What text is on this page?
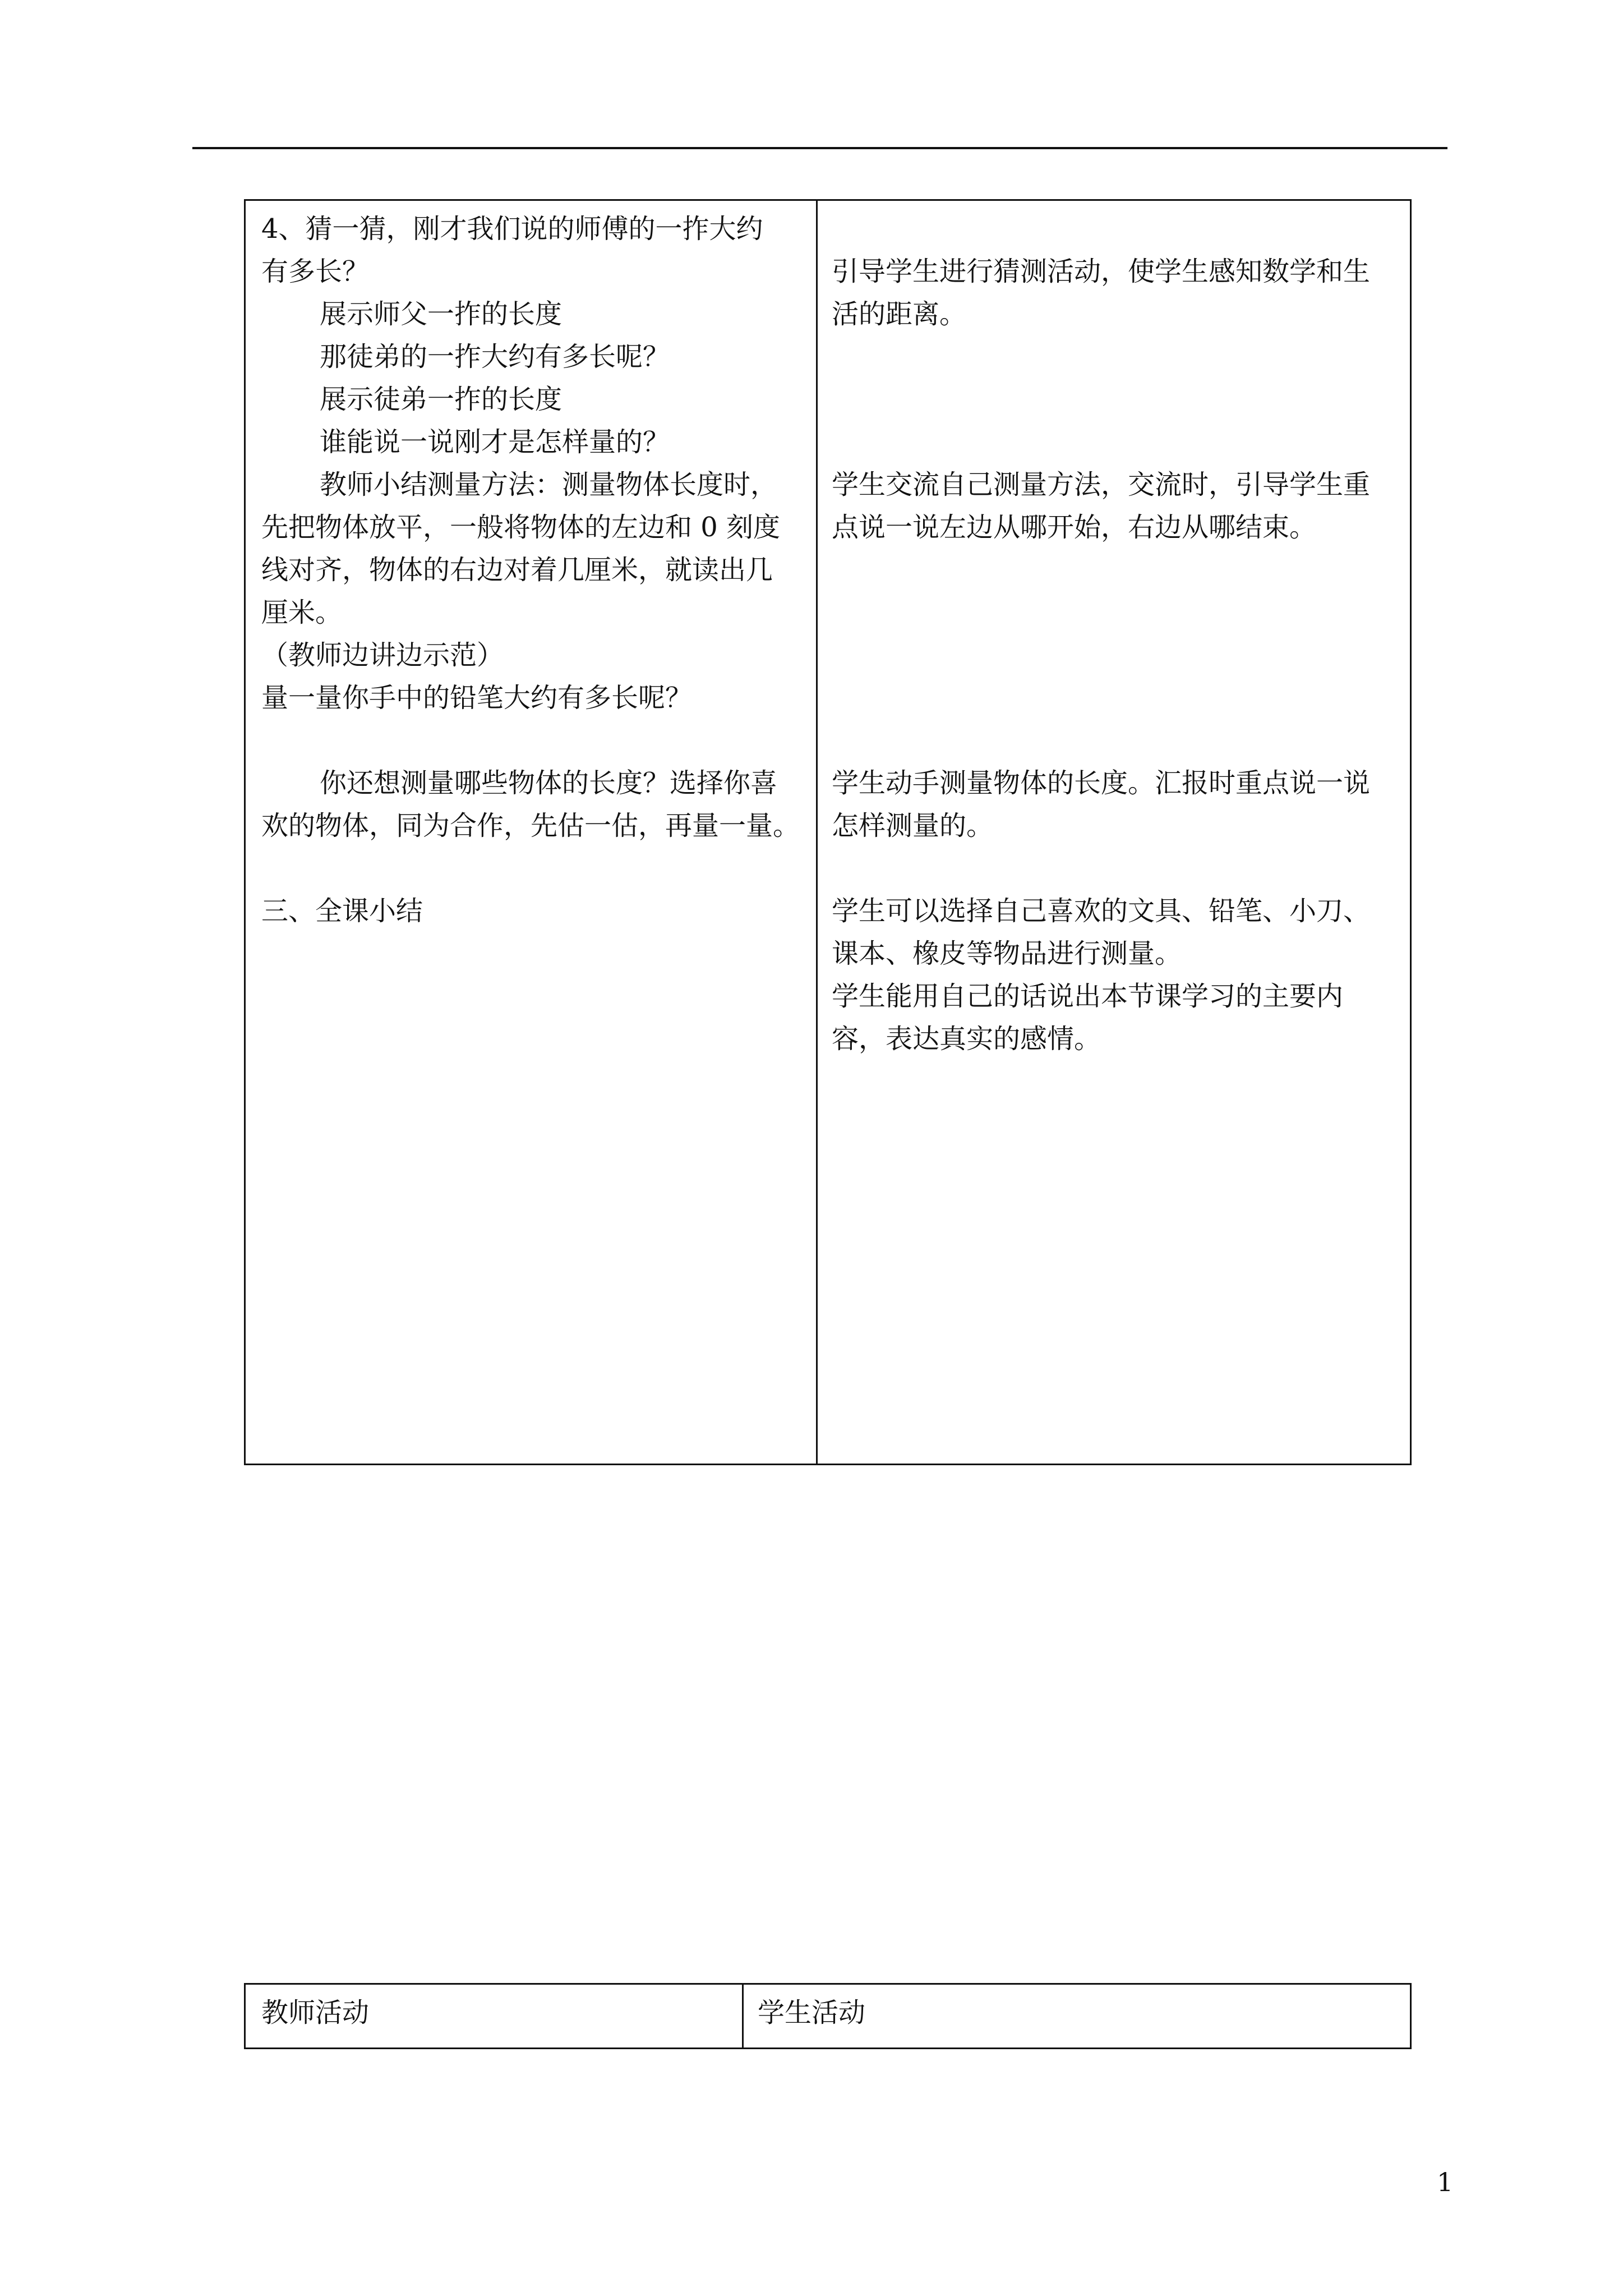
4、猜一猜，刚才我们说的师傅的一拃大约
有多长？
展示师父一拃的长度
那徒弟的一拃大约有多长呢？
展示徒弟一拃的长度
谁能说一说刚才是怎样量的？
教师小结测量方法：测量物体长度时，
先把物体放平，一般将物体的左边和 0 刻度
线对齐，物体的右边对着几厘米，就读出几
厘米。
（教师边讲边示范）
量一量你手中的铅笔大约有多长呢？
你还想测量哪些物体的长度？选择你喜
欢的物体，同为合作，先估一估，再量一量。
三、全课小结
引导学生进行猜测活动，使学生感知数学和生
活的距离。
学生交流自己测量方法，交流时，引导学生重
点说一说左边从哪开始，右边从哪结束。
学生动手测量物体的长度。汇报时重点说一说
怎样测量的。
学生可以选择自己喜欢的文具、铅笔、小刀、
课本、橡皮等物品进行测量。
学生能用自己的话说出本节课学习的主要内
容，表达真实的感情。
教师活动	学生活动
1
